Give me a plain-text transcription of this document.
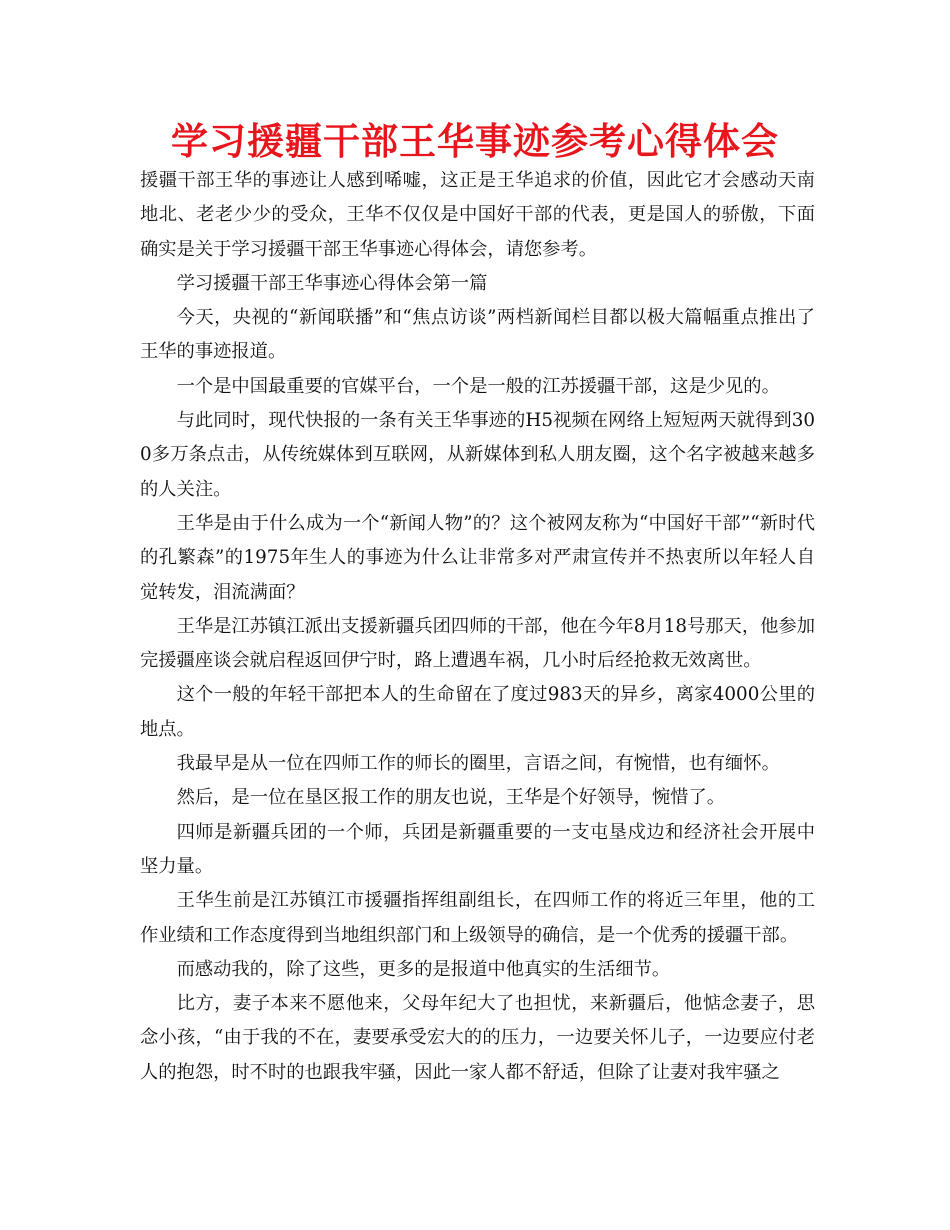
学习援疆干部王华事迹参考心得体会

援疆干部王华的事迹让人感到唏嘘，这正是王华追求的价值，因此它才会感动天南地北、老老少少的受众，王华不仅仅是中国好干部的代表，更是国人的骄傲，下面确实是关于学习援疆干部王华事迹心得体会，请您参考。

学习援疆干部王华事迹心得体会第一篇

今天，央视的“新闻联播”和“焦点访谈”两档新闻栏目都以极大篇幅重点推出了王华的事迹报道。

一个是中国最重要的官媒平台，一个是一般的江苏援疆干部，这是少见的。

与此同时，现代快报的一条有关王华事迹的H5视频在网络上短短两天就得到300多万条点击，从传统媒体到互联网，从新媒体到私人朋友圈，这个名字被越来越多的人关注。

王华是由于什么成为一个“新闻人物”的？这个被网友称为“中国好干部”“新时代的孔繁森”的1975年生人的事迹为什么让非常多对严肃宣传并不热衷所以年轻人自觉转发，泪流满面？

王华是江苏镇江派出支援新疆兵团四师的干部，他在今年8月18号那天，他参加完援疆座谈会就启程返回伊宁时，路上遭遇车祸，几小时后经抢救无效离世。

这个一般的年轻干部把本人的生命留在了度过983天的异乡，离家4000公里的地点。

我最早是从一位在四师工作的师长的圈里，言语之间，有惋惜，也有缅怀。

然后，是一位在垦区报工作的朋友也说，王华是个好领导，惋惜了。

四师是新疆兵团的一个师，兵团是新疆重要的一支屯垦戍边和经济社会开展中坚力量。

王华生前是江苏镇江市援疆指挥组副组长，在四师工作的将近三年里，他的工作业绩和工作态度得到当地组织部门和上级领导的确信，是一个优秀的援疆干部。

而感动我的，除了这些，更多的是报道中他真实的生活细节。

比方，妻子本来不愿他来，父母年纪大了也担忧，来新疆后，他惦念妻子，思念小孩，“由于我的不在，妻要承受宏大的的压力，一边要关怀儿子，一边要应付老人的抱怨，时不时的也跟我牢骚，因此一家人都不舒适，但除了让妻对我牢骚之
